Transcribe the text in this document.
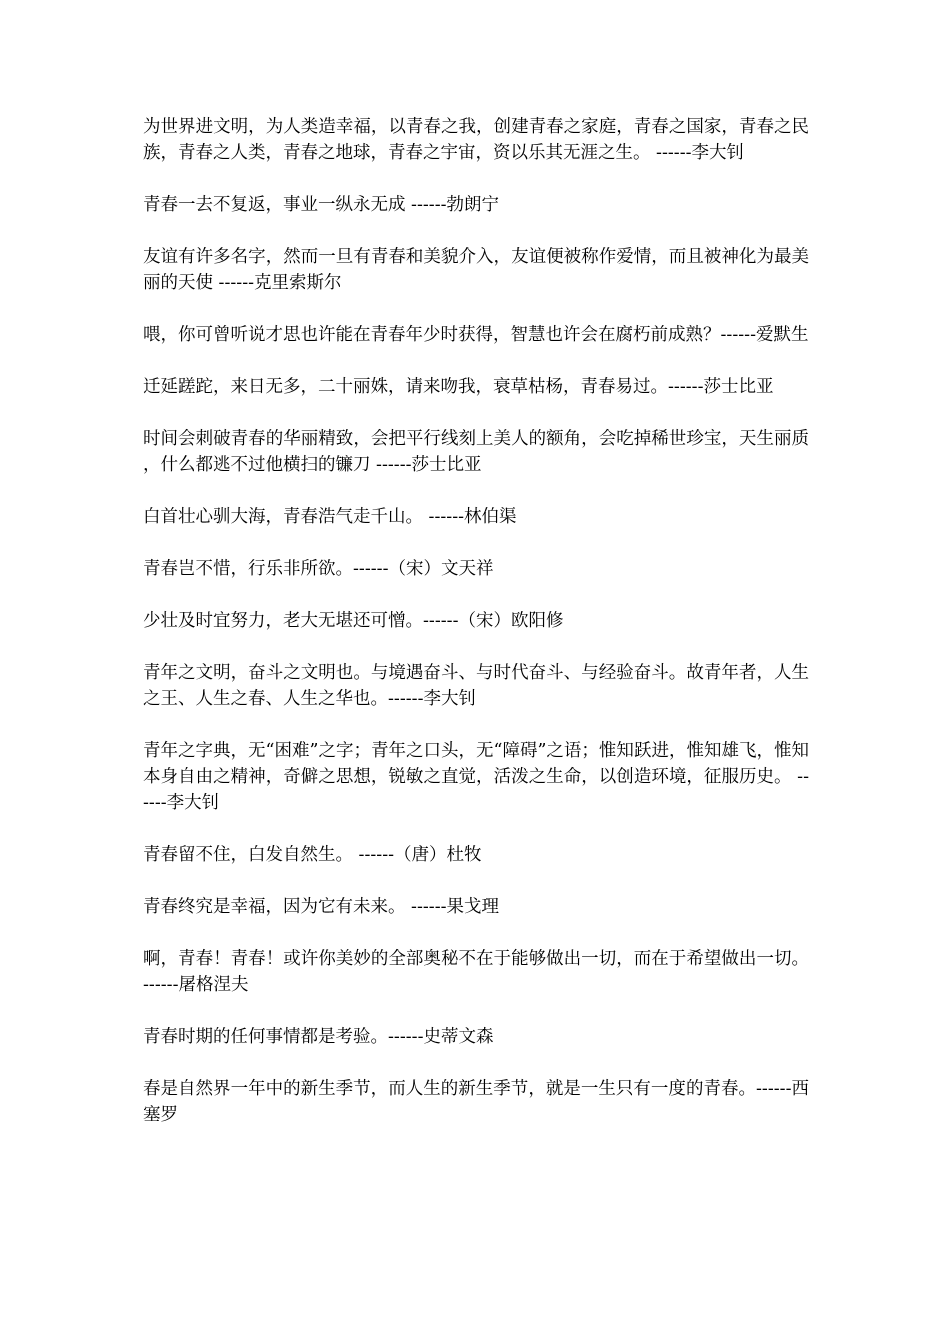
为世界进文明，为人类造幸福，以青春之我，创建青春之家庭，青春之国家，青春之民族，青春之人类，青春之地球，青春之宇宙，资以乐其无涯之生。 ------李大钊
青春一去不复返，事业一纵永无成 ------勃朗宁
友谊有许多名字，然而一旦有青春和美貌介入，友谊便被称作爱情，而且被神化为最美丽的天使 ------克里索斯尔
喂，你可曾听说才思也许能在青春年少时获得，智慧也许会在腐朽前成熟？------爱默生
迁延蹉跎，来日无多，二十丽姝，请来吻我，衰草枯杨，青春易过。------莎士比亚
时间会刺破青春的华丽精致，会把平行线刻上美人的额角，会吃掉稀世珍宝，天生丽质，什么都逃不过他横扫的镰刀 ------莎士比亚
白首壮心驯大海，青春浩气走千山。 ------林伯渠
青春岂不惜，行乐非所欲。------（宋）文天祥
少壮及时宜努力，老大无堪还可憎。------（宋）欧阳修
青年之文明，奋斗之文明也。与境遇奋斗、与时代奋斗、与经验奋斗。故青年者，人生之王、人生之春、人生之华也。------李大钊
青年之字典，无“困难”之字；青年之口头，无“障碍”之语；惟知跃进，惟知雄飞，惟知本身自由之精神，奇僻之思想，锐敏之直觉，活泼之生命，以创造环境，征服历史。 ------李大钊
青春留不住，白发自然生。 ------（唐）杜牧
青春终究是幸福，因为它有未来。 ------果戈理
啊，青春！青春！或许你美妙的全部奥秘不在于能够做出一切，而在于希望做出一切。 ------屠格涅夫
青春时期的任何事情都是考验。------史蒂文森
春是自然界一年中的新生季节，而人生的新生季节，就是一生只有一度的青春。------西塞罗
